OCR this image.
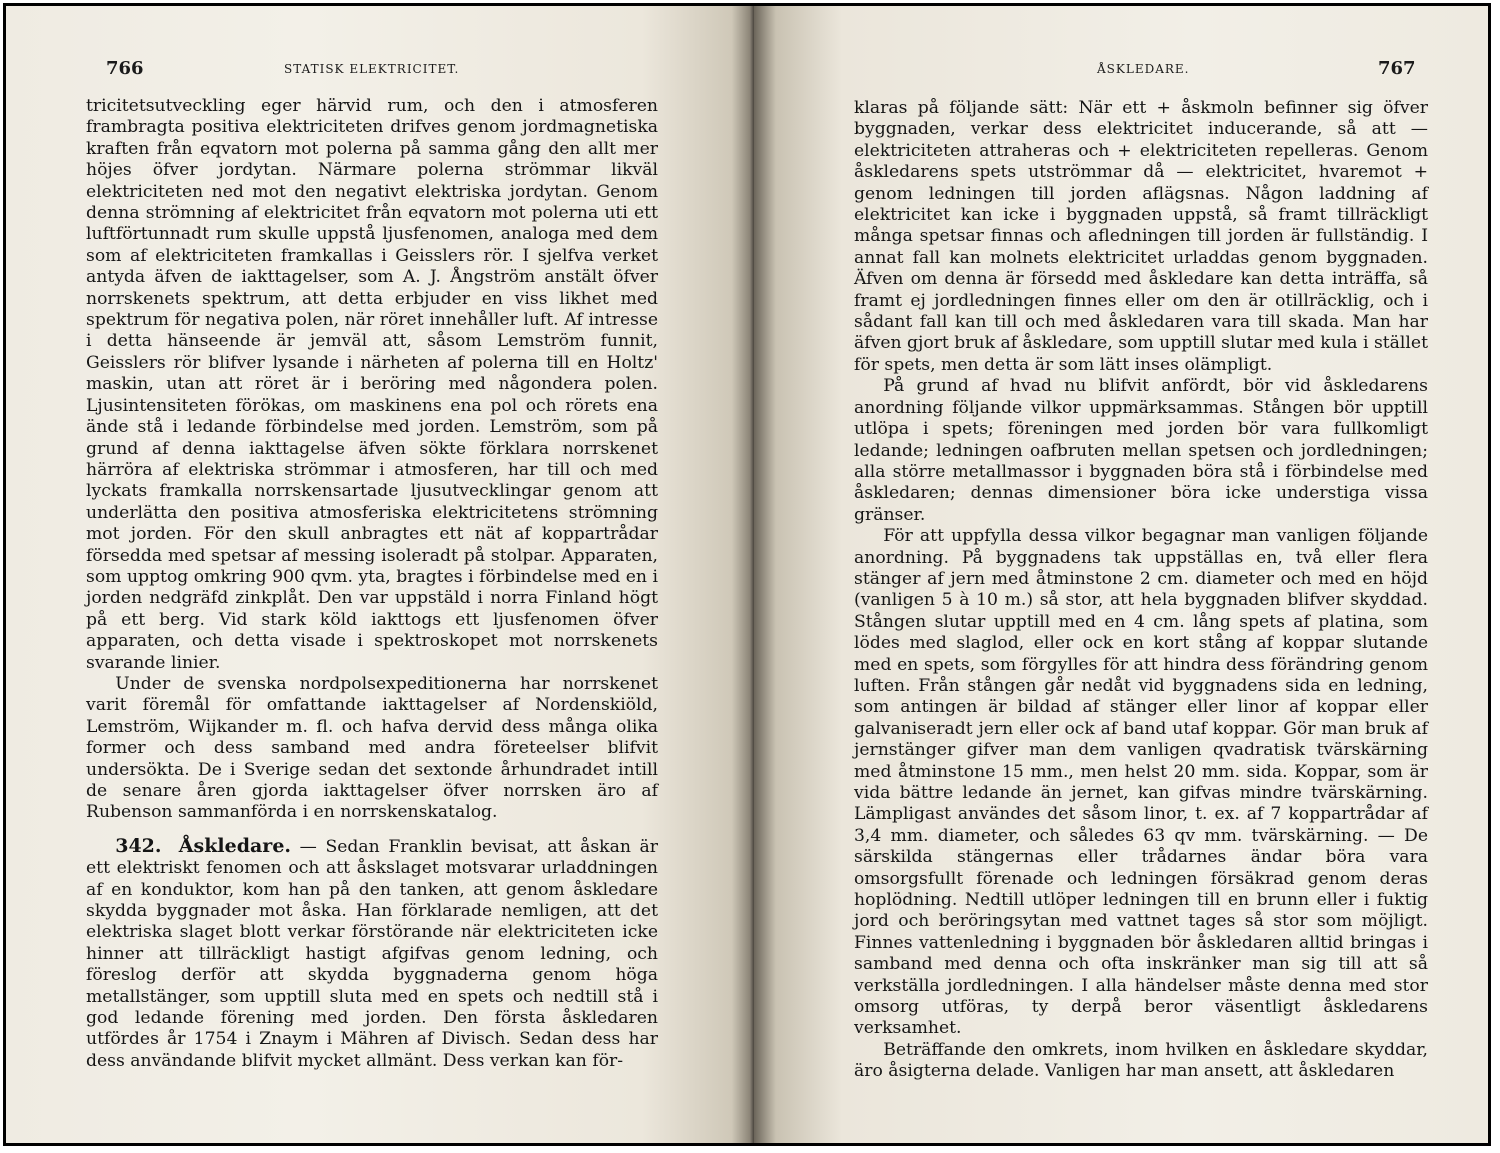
766	STATISK ELEKTRICITET.

tricitetsutveckling eger härvid rum, och den i atmosferen frambragta positiva elektriciteten drifves genom jordmagnetiska kraften från eqvatorn mot polerna på samma gång den allt mer höjes öfver jordytan. Närmare polerna strömmar likväl elektriciteten ned mot den negativt elektriska jordytan. Genom denna strömning af elektricitet från eqvatorn mot polerna uti ett luftförtunnadt rum skulle uppstå ljusfenomen, analoga med dem som af elektriciteten framkallas i Geisslers rör. I sjelfva verket antyda äfven de iakttagelser, som A. J. Ångström anstält öfver norrskenets spektrum, att detta erbjuder en viss likhet med spektrum för negativa polen, när röret innehåller luft. Af intresse i detta hänseende är jemväl att, såsom Lemström funnit, Geisslers rör blifver lysande i närheten af polerna till en Holtz' maskin, utan att röret är i beröring med någondera polen. Ljusintensiteten förökas, om maskinens ena pol och rörets ena ände stå i ledande förbindelse med jorden. Lemström, som på grund af denna iakttagelse äfven sökte förklara norrskenet härröra af elektriska strömmar i atmosferen, har till och med lyckats framkalla norrskensartade ljusutvecklingar genom att underlätta den positiva atmosferiska elektricitetens strömning mot jorden. För den skull anbragtes ett nät af koppartrådar försedda med spetsar af messing isoleradt på stolpar. Apparaten, som upptog omkring 900 qvm. yta, bragtes i förbindelse med en i jorden nedgräfd zinkplåt. Den var uppstäld i norra Finland högt på ett berg. Vid stark köld iakttogs ett ljusfenomen öfver apparaten, och detta visade i spektroskopet mot norrskenets svarande linier.

Under de svenska nordpolsexpeditionerna har norrskenet varit föremål för omfattande iakttagelser af Nordenskiöld, Lemström, Wijkander m. fl. och hafva dervid dess många olika former och dess samband med andra företeelser blifvit undersökta. De i Sverige sedan det sextonde århundradet intill de senare åren gjorda iakttagelser öfver norrsken äro af Rubenson sammanförda i en norrskenskatalog.

342. Åskledare. — Sedan Franklin bevisat, att åskan är ett elektriskt fenomen och att åskslaget motsvarar urladdningen af en konduktor, kom han på den tanken, att genom åskledare skydda byggnader mot åska. Han förklarade nemligen, att det elektriska slaget blott verkar förstörande när elektriciteten icke hinner att tillräckligt hastigt afgifvas genom ledning, och föreslog derför att skydda byggnaderna genom höga metallstänger, som upptill sluta med en spets och nedtill stå i god ledande förening med jorden. Den första åskledaren utfördes år 1754 i Znaym i Mähren af Divisch. Sedan dess har dess användande blifvit mycket allmänt. Dess verkan kan för-

ÅSKLEDARE.	767

klaras på följande sätt: När ett + åskmoln befinner sig öfver byggnaden, verkar dess elektricitet inducerande, så att — elektriciteten attraheras och + elektriciteten repelleras. Genom åskledarens spets utströmmar då — elektricitet, hvaremot + genom ledningen till jorden aflägsnas. Någon laddning af elektricitet kan icke i byggnaden uppstå, så framt tillräckligt många spetsar finnas och afledningen till jorden är fullständig. I annat fall kan molnets elektricitet urladdas genom byggnaden. Äfven om denna är försedd med åskledare kan detta inträffa, så framt ej jordledningen finnes eller om den är otillräcklig, och i sådant fall kan till och med åskledaren vara till skada. Man har äfven gjort bruk af åskledare, som upptill slutar med kula i stället för spets, men detta är som lätt inses olämpligt.

På grund af hvad nu blifvit anfördt, bör vid åskledarens anordning följande vilkor uppmärksammas. Stången bör upptill utlöpa i spets; föreningen med jorden bör vara fullkomligt ledande; ledningen oafbruten mellan spetsen och jordledningen; alla större metallmassor i byggnaden böra stå i förbindelse med åskledaren; dennas dimensioner böra icke understiga vissa gränser.

För att uppfylla dessa vilkor begagnar man vanligen följande anordning. På byggnadens tak uppställas en, två eller flera stänger af jern med åtminstone 2 cm. diameter och med en höjd (vanligen 5 à 10 m.) så stor, att hela byggnaden blifver skyddad. Stången slutar upptill med en 4 cm. lång spets af platina, som lödes med slaglod, eller ock en kort stång af koppar slutande med en spets, som förgylles för att hindra dess förändring genom luften. Från stången går nedåt vid byggnadens sida en ledning, som antingen är bildad af stänger eller linor af koppar eller galvaniseradt jern eller ock af band utaf koppar. Gör man bruk af jernstänger gifver man dem vanligen qvadratisk tvärskärning med åtminstone 15 mm., men helst 20 mm. sida. Koppar, som är vida bättre ledande än jernet, kan gifvas mindre tvärskärning. Lämpligast användes det såsom linor, t. ex. af 7 koppartrådar af 3,4 mm. diameter, och således 63 qv mm. tvärskärning. — De särskilda stängernas eller trådarnes ändar böra vara omsorgsfullt förenade och ledningen försäkrad genom deras hoplödning. Nedtill utlöper ledningen till en brunn eller i fuktig jord och beröringsytan med vattnet tages så stor som möjligt. Finnes vattenledning i byggnaden bör åskledaren alltid bringas i samband med denna och ofta inskränker man sig till att så verkställa jordledningen. I alla händelser måste denna med stor omsorg utföras, ty derpå beror väsentligt åskledarens verksamhet.

Beträffande den omkrets, inom hvilken en åskledare skyddar, äro åsigterna delade. Vanligen har man ansett, att åskledaren
